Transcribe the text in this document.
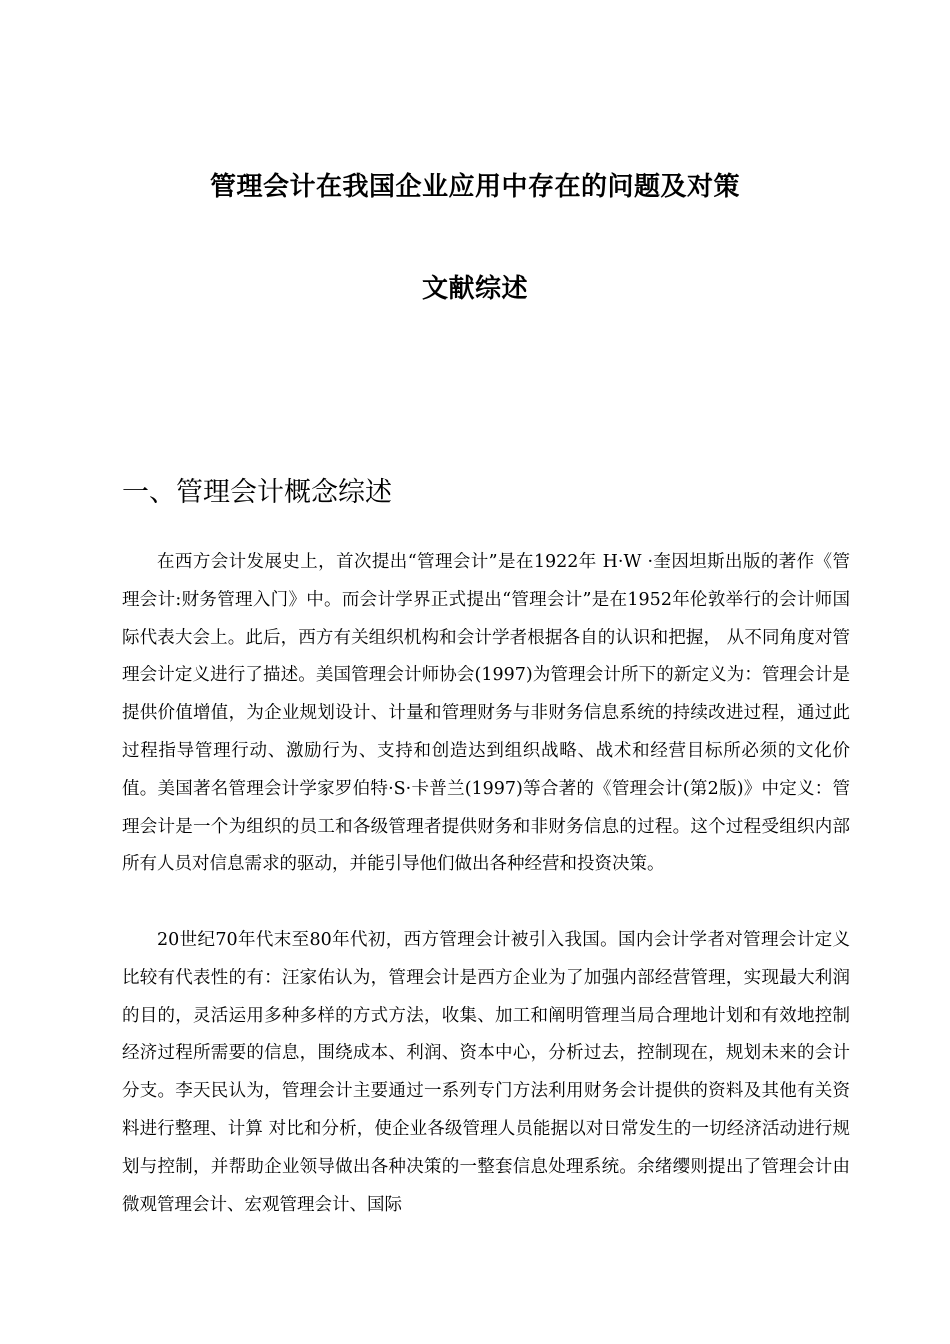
管理会计在我国企业应用中存在的问题及对策
文献综述
一、管理会计概念综述

在西方会计发展史上，首次提出“管理会计”是在1922年 H·W ·奎因坦斯出版的著作《管理会计:财务管理入门》中。而会计学界正式提出“管理会计”是在1952年伦敦举行的会计师国际代表大会上。此后，西方有关组织机构和会计学者根据各自的认识和把握， 从不同角度对管理会计定义进行了描述。美国管理会计师协会(1997)为管理会计所下的新定义为：管理会计是提供价值增值，为企业规划设计、计量和管理财务与非财务信息系统的持续改进过程，通过此过程指导管理行动、激励行为、支持和创造达到组织战略、战术和经营目标所必须的文化价值。美国著名管理会计学家罗伯特·S·卡普兰(1997)等合著的《管理会计(第2版)》中定义：管理会计是一个为组织的员工和各级管理者提供财务和非财务信息的过程。这个过程受组织内部所有人员对信息需求的驱动，并能引导他们做出各种经营和投资决策。

20世纪70年代末至80年代初，西方管理会计被引入我国。国内会计学者对管理会计定义比较有代表性的有：汪家佑认为，管理会计是西方企业为了加强内部经营管理，实现最大利润的目的，灵活运用多种多样的方式方法，收集、加工和阐明管理当局合理地计划和有效地控制经济过程所需要的信息，围绕成本、利润、资本中心，分析过去，控制现在，规划未来的会计分支。李天民认为，管理会计主要通过一系列专门方法利用财务会计提供的资料及其他有关资料进行整理、计算 对比和分析，使企业各级管理人员能据以对日常发生的一切经济活动进行规划与控制，并帮助企业领导做出各种决策的一整套信息处理系统。余绪缨则提出了管理会计由微观管理会计、宏观管理会计、国际
